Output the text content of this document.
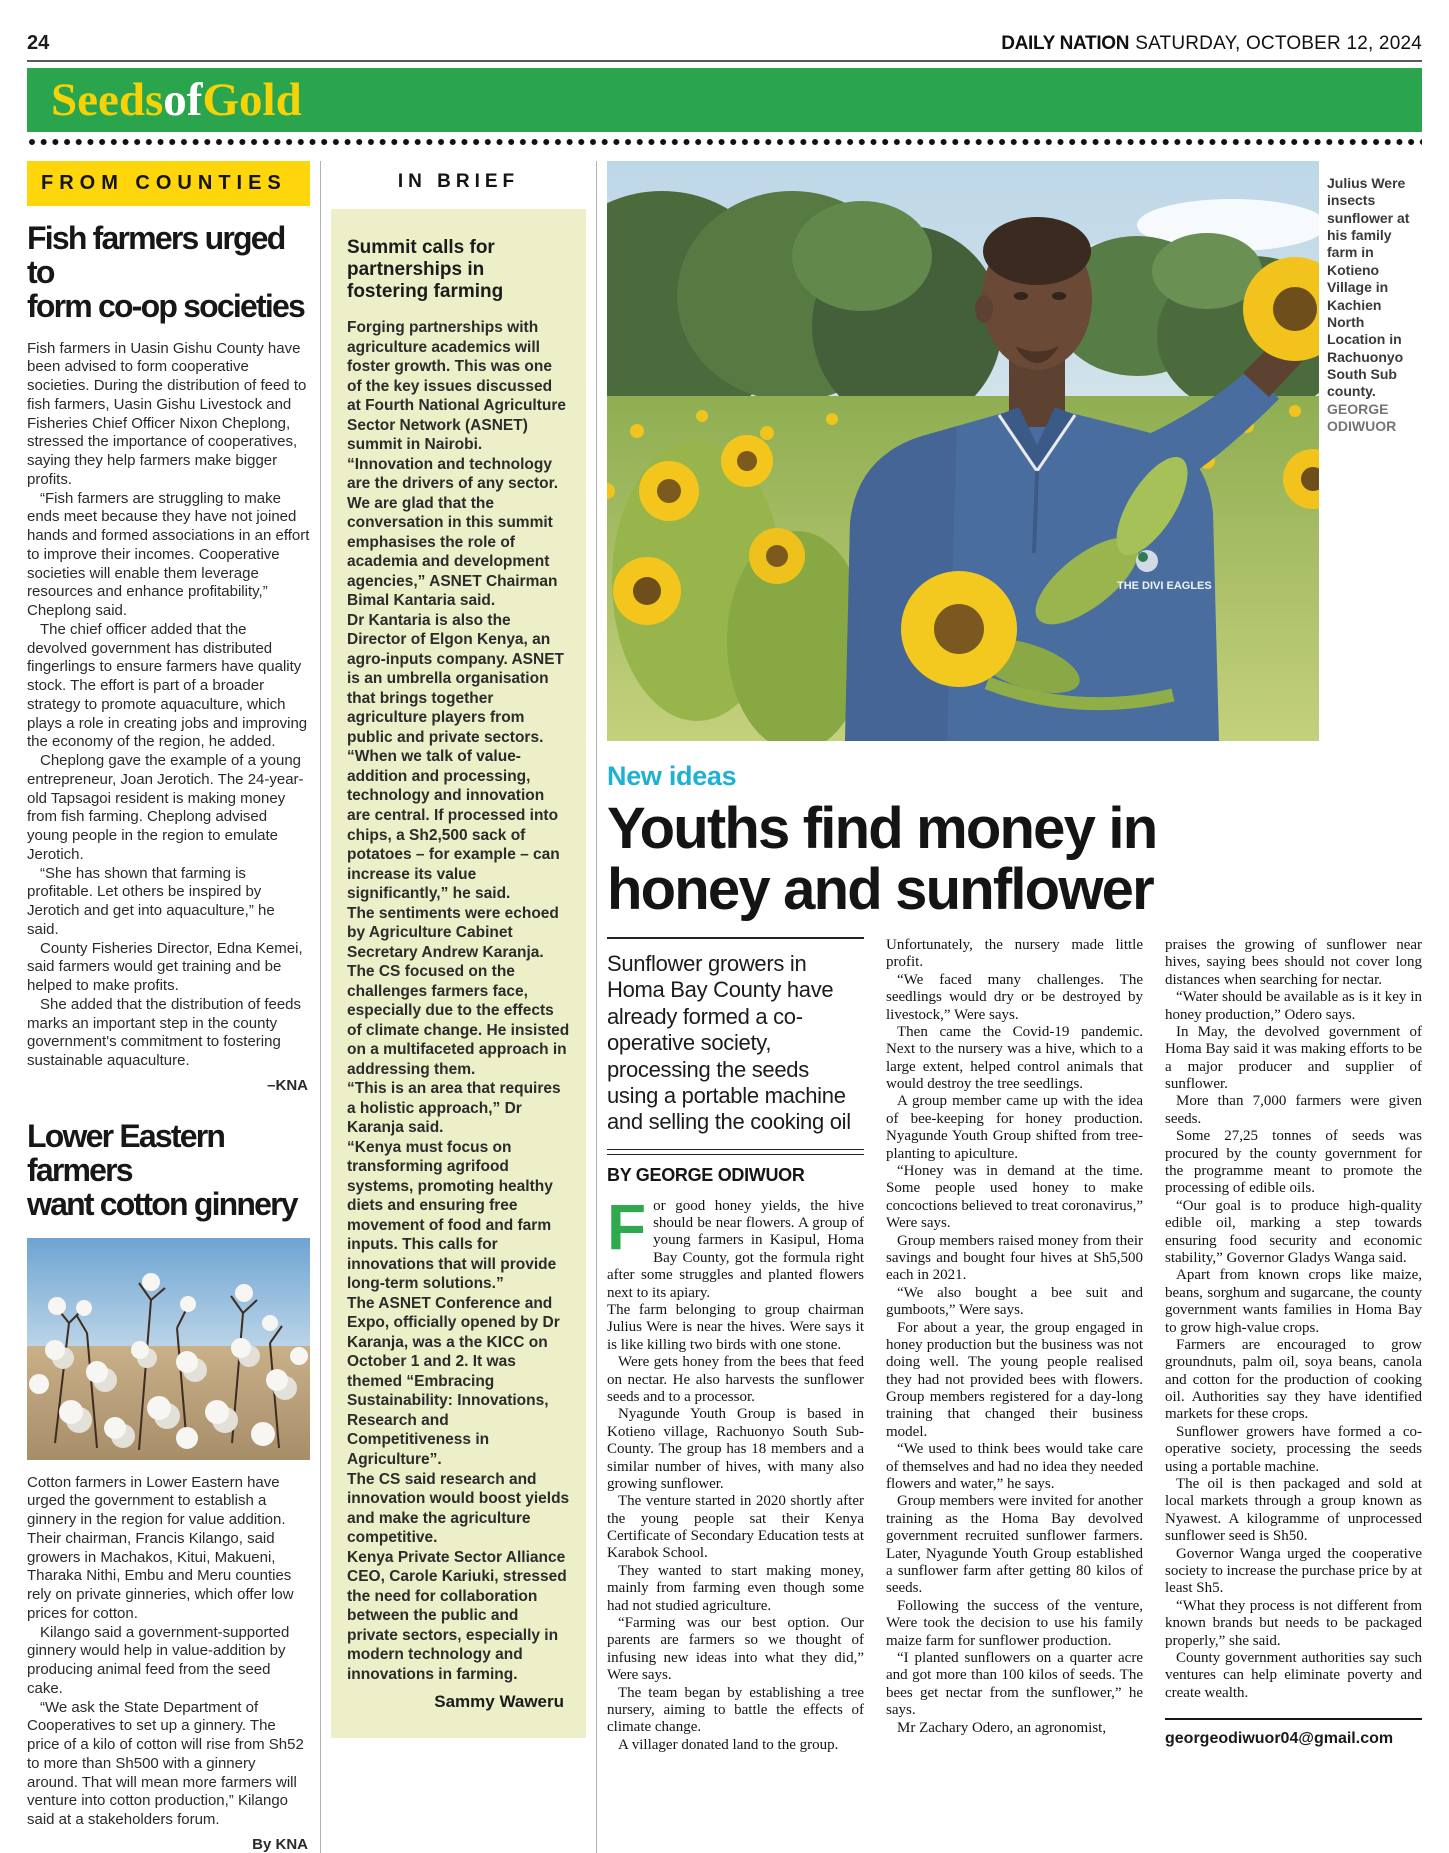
24	DAILY NATION SATURDAY, OCTOBER 12, 2024
SeedsofGold
FROM COUNTIES
Fish farmers urged to
form co-op societies

Fish farmers in Uasin Gishu County have been advised to form cooperative societies. During the distribution of feed to fish farmers, Uasin Gishu Livestock and Fisheries Chief Officer Nixon Cheplong, stressed the importance of cooperatives, saying they help farmers make bigger profits.

“Fish farmers are struggling to make ends meet because they have not joined hands and formed associations in an effort to improve their incomes. Cooperative societies will enable them leverage resources and enhance profitability,” Cheplong said.

The chief officer added that the devolved government has distributed fingerlings to ensure farmers have quality stock. The effort is part of a broader strategy to promote aquaculture, which plays a role in creating jobs and improving the economy of the region, he added.

Cheplong gave the example of a young entrepreneur, Joan Jerotich. The 24-year-old Tapsagoi resident is making money from fish farming. Cheplong advised young people in the region to emulate Jerotich.

“She has shown that farming is profitable. Let others be inspired by Jerotich and get into aquaculture,” he said.

County Fisheries Director, Edna Kemei, said farmers would get training and be helped to make profits.

She added that the distribution of feeds marks an important step in the county government's commitment to fostering sustainable aquaculture.

–KNA
Lower Eastern farmers
want cotton ginnery

Cotton farmers in Lower Eastern have urged the government to establish a ginnery in the region for value addition. Their chairman, Francis Kilango, said growers in Machakos, Kitui, Makueni, Tharaka Nithi, Embu and Meru counties rely on private ginneries, which offer low prices for cotton.

Kilango said a government-supported ginnery would help in value-addition by producing animal feed from the seed cake.

“We ask the State Department of Cooperatives to set up a ginnery. The price of a kilo of cotton will rise from Sh52 to more than Sh500 with a ginnery around. That will mean more farmers will venture into cotton production,” Kilango said at a stakeholders forum.

By KNA
IN BRIEF
Summit calls for partnerships in fostering farming

Forging partnerships with agriculture academics will foster growth. This was one of the key issues discussed at Fourth National Agriculture Sector Network (ASNET) summit in Nairobi.

“Innovation and technology are the drivers of any sector. We are glad that the conversation in this summit emphasises the role of academia and development agencies,” ASNET Chairman Bimal Kantaria said.

Dr Kantaria is also the Director of Elgon Kenya, an agro-inputs company. ASNET is an umbrella organisation that brings together agriculture players from public and private sectors.

“When we talk of value-addition and processing, technology and innovation are central. If processed into chips, a Sh2,500 sack of potatoes – for example – can increase its value significantly,” he said.

The sentiments were echoed by Agriculture Cabinet Secretary Andrew Karanja.

The CS focused on the challenges farmers face, especially due to the effects of climate change. He insisted on a multifaceted approach in addressing them.

“This is an area that requires a holistic approach,” Dr Karanja said.

“Kenya must focus on transforming agrifood systems, promoting healthy diets and ensuring free movement of food and farm inputs. This calls for innovations that will provide long-term solutions.”

The ASNET Conference and Expo, officially opened by Dr Karanja, was a the KICC on October 1 and 2. It was themed “Embracing Sustainability: Innovations, Research and Competitiveness in Agriculture”.

The CS said research and innovation would boost yields and make the agriculture competitive.

Kenya Private Sector Alliance CEO, Carole Kariuki, stressed the need for collaboration between the public and private sectors, especially in modern technology and innovations in farming.

Sammy Waweru
THE DIVI EAGLES
Julius Were insects sunflower at his family farm in Kotieno Village in Kachien North Location in Rachuonyo South Sub county. GEORGE ODIWUOR
New ideas
Youths find money in
honey and sunflower
Sunflower growers in Homa Bay County have already formed a co-operative society, processing the seeds using a portable machine and selling the cooking oil
BY GEORGE ODIWUOR

For good honey yields, the hive should be near flowers. A group of young farmers in Kasipul, Homa Bay County, got the formula right after some struggles and planted flowers next to its apiary.

The farm belonging to group chairman Julius Were is near the hives. Were says it is like killing two birds with one stone.

Were gets honey from the bees that feed on nectar. He also harvests the sunflower seeds and to a processor.

Nyagunde Youth Group is based in Kotieno village, Rachuonyo South Sub-County. The group has 18 members and a similar number of hives, with many also growing sunflower.

The venture started in 2020 shortly after the young people sat their Kenya Certificate of Secondary Education tests at Karabok School.

They wanted to start making money, mainly from farming even though some had not studied agriculture.

“Farming was our best option. Our parents are farmers so we thought of infusing new ideas into what they did,” Were says.

The team began by establishing a tree nursery, aiming to battle the effects of climate change.

A villager donated land to the group.

Unfortunately, the nursery made little profit.

“We faced many challenges. The seedlings would dry or be destroyed by livestock,” Were says.

Then came the Covid-19 pandemic. Next to the nursery was a hive, which to a large extent, helped control animals that would destroy the tree seedlings.

A group member came up with the idea of bee-keeping for honey production. Nyagunde Youth Group shifted from tree-planting to apiculture.

“Honey was in demand at the time. Some people used honey to make concoctions believed to treat coronavirus,” Were says.

Group members raised money from their savings and bought four hives at Sh5,500 each in 2021.

“We also bought a bee suit and gumboots,” Were says.

For about a year, the group engaged in honey production but the business was not doing well. The young people realised they had not provided bees with flowers. Group members registered for a day-long training that changed their business model.

“We used to think bees would take care of themselves and had no idea they needed flowers and water,” he says.

Group members were invited for another training as the Homa Bay devolved government recruited sunflower farmers. Later, Nyagunde Youth Group established a sunflower farm after getting 80 kilos of seeds.

Following the success of the venture, Were took the decision to use his family maize farm for sunflower production.

“I planted sunflowers on a quarter acre and got more than 100 kilos of seeds. The bees get nectar from the sunflower,” he says.

Mr Zachary Odero, an agronomist,

praises the growing of sunflower near hives, saying bees should not cover long distances when searching for nectar.

“Water should be available as is it key in honey production,” Odero says.

In May, the devolved government of Homa Bay said it was making efforts to be a major producer and supplier of sunflower.

More than 7,000 farmers were given seeds.

Some 27,25 tonnes of seeds was procured by the county government for the programme meant to promote the processing of edible oils.

“Our goal is to produce high-quality edible oil, marking a step towards ensuring food security and economic stability,” Governor Gladys Wanga said.

Apart from known crops like maize, beans, sorghum and sugarcane, the county government wants families in Homa Bay to grow high-value crops.

Farmers are encouraged to grow groundnuts, palm oil, soya beans, canola and cotton for the production of cooking oil. Authorities say they have identified markets for these crops.

Sunflower growers have formed a co-operative society, processing the seeds using a portable machine.

The oil is then packaged and sold at local markets through a group known as Nyawest. A kilogramme of unprocessed sunflower seed is Sh50.

Governor Wanga urged the cooperative society to increase the purchase price by at least Sh5.

“What they process is not different from known brands but needs to be packaged properly,” she said.

County government authorities say such ventures can help eliminate poverty and create wealth.

georgeodiwuor04@gmail.com
